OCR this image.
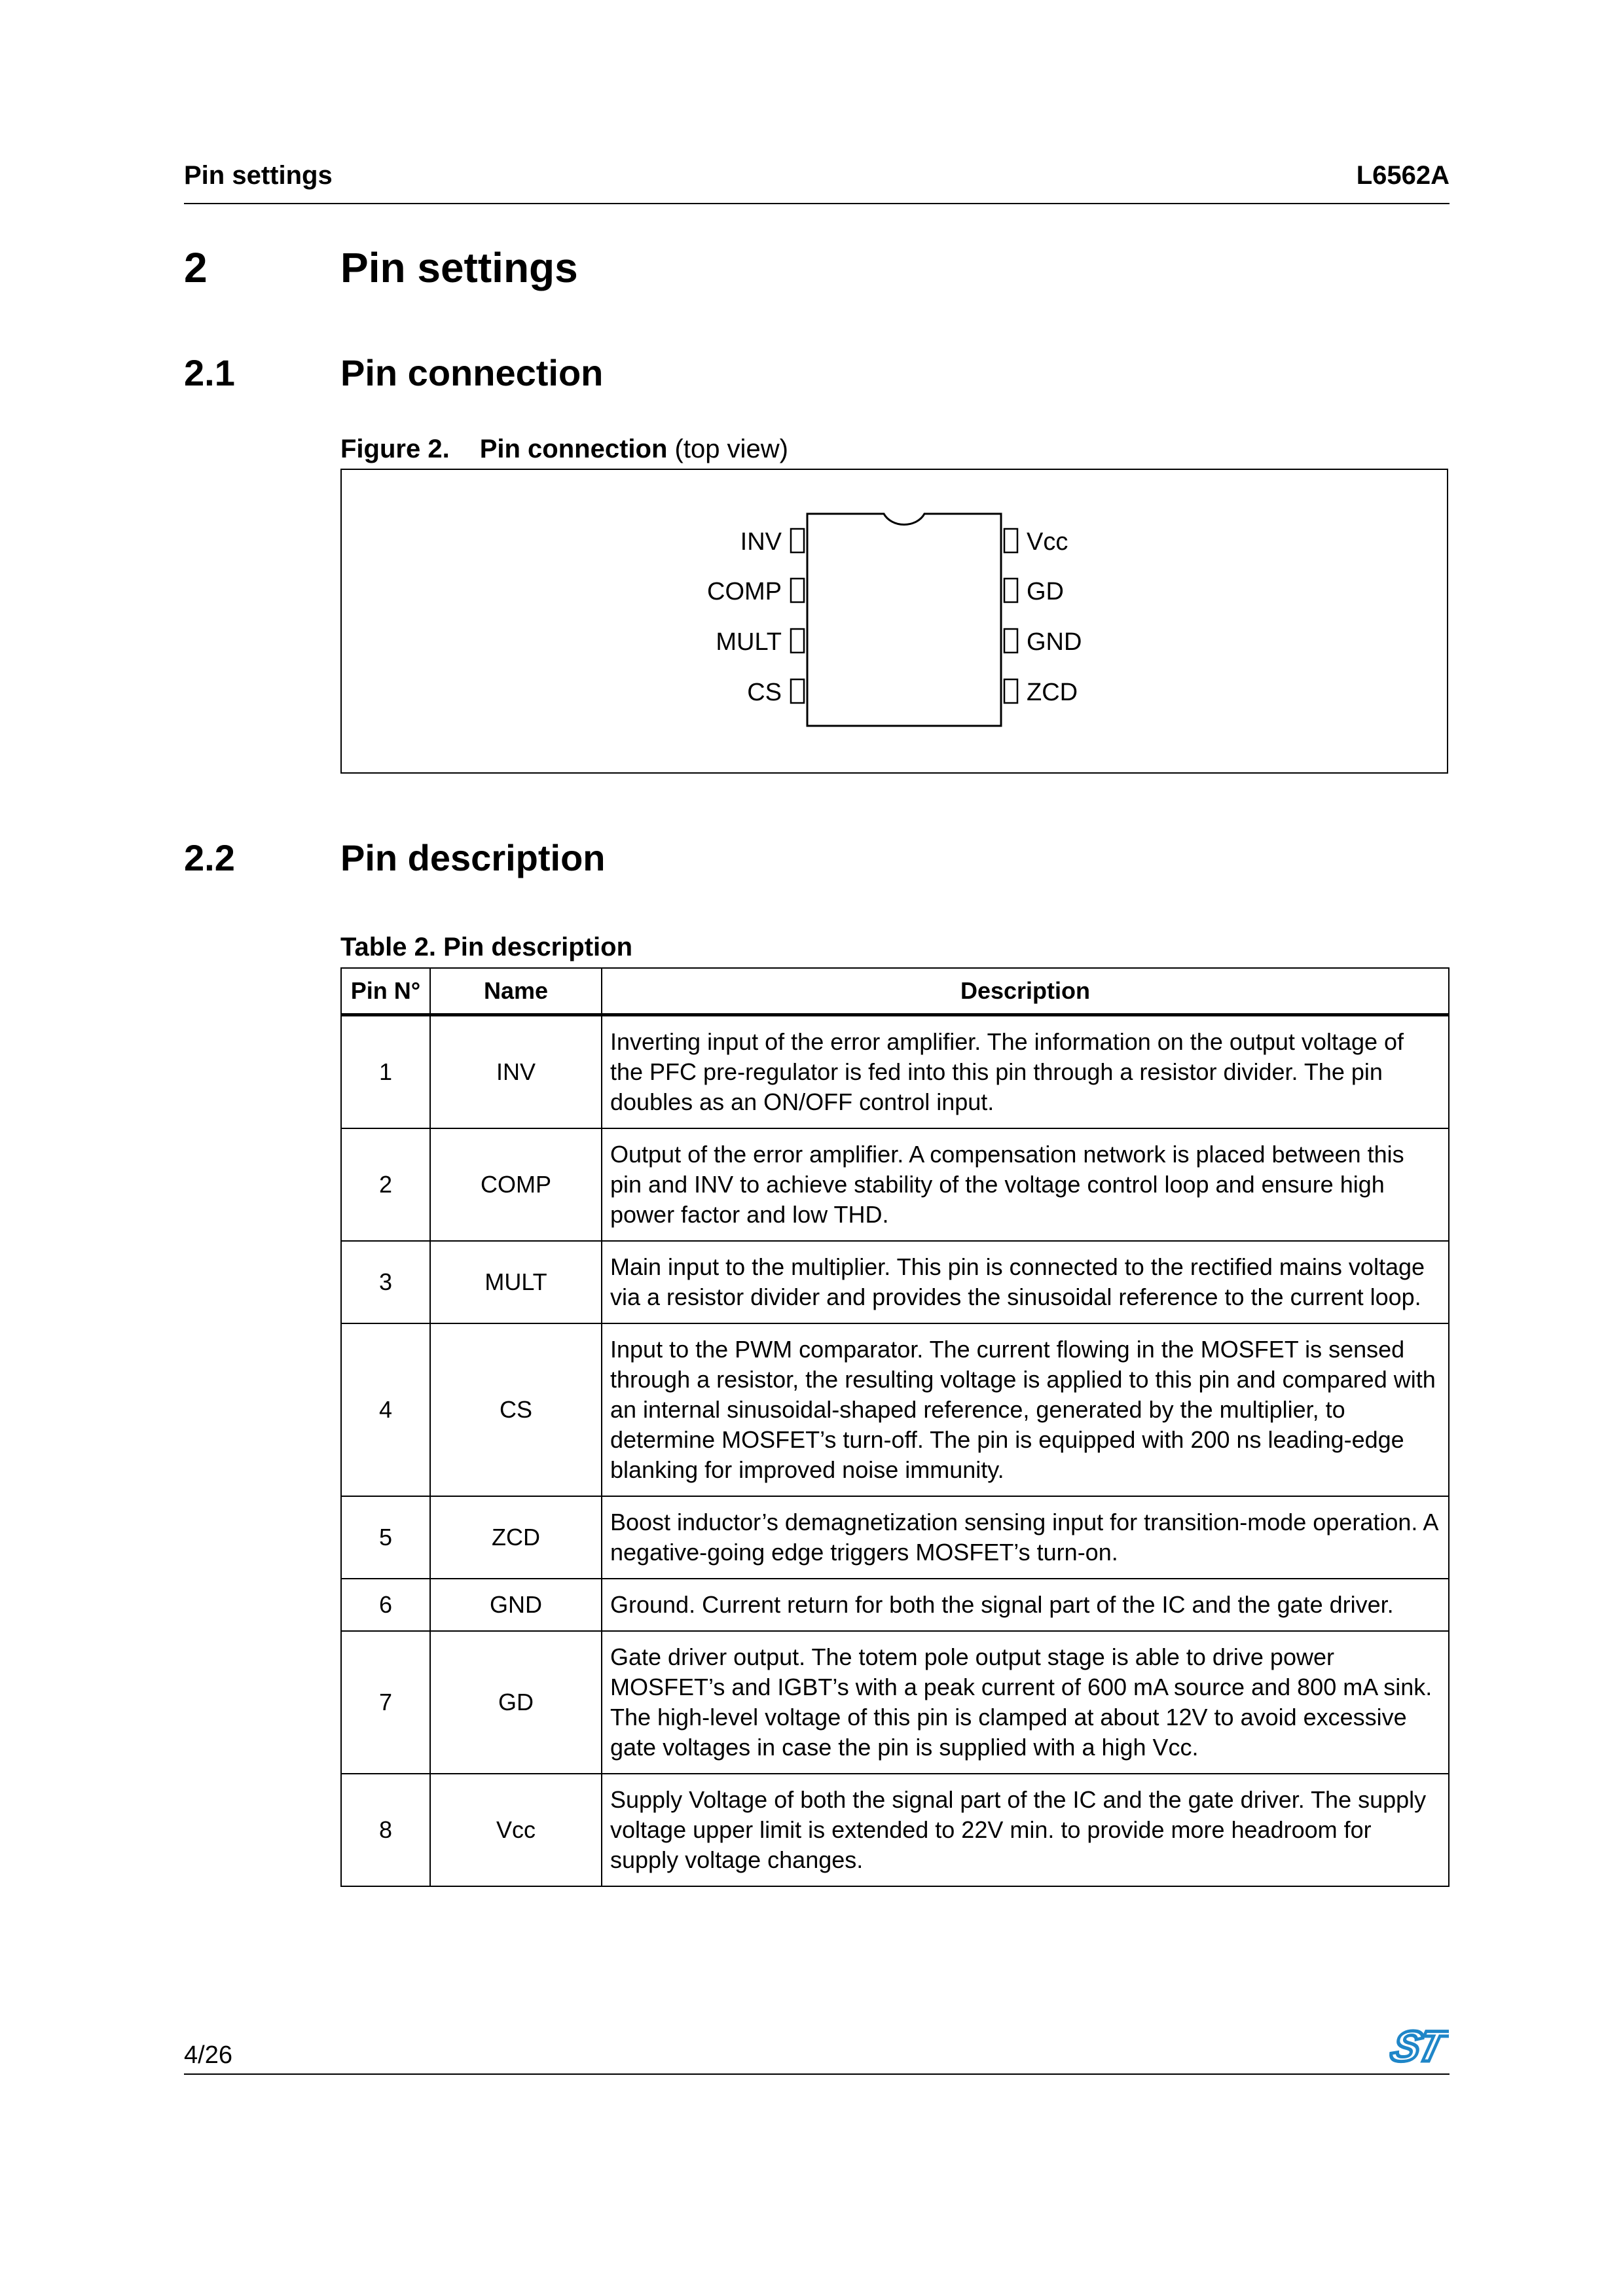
Pin settings	L6562A
2	Pin settings
2.1	Pin connection
Figure 2. Pin connection (top view)
INV
COMP
MULT
CS
Vcc
GD
GND
ZCD
2.2	Pin description
Table 2. Pin description
Pin N°	Name	Description
1	INV	Inverting input of the error amplifier. The information on the output voltage of the PFC pre-regulator is fed into this pin through a resistor divider. The pin doubles as an ON/OFF control input.
2	COMP	Output of the error amplifier. A compensation network is placed between this pin and INV to achieve stability of the voltage control loop and ensure high power factor and low THD.
3	MULT	Main input to the multiplier. This pin is connected to the rectified mains voltage via a resistor divider and provides the sinusoidal reference to the current loop.
4	CS	Input to the PWM comparator. The current flowing in the MOSFET is sensed through a resistor, the resulting voltage is applied to this pin and compared with an internal sinusoidal-shaped reference, generated by the multiplier, to determine MOSFET’s turn-off. The pin is equipped with 200 ns leading-edge blanking for improved noise immunity.
5	ZCD	Boost inductor’s demagnetization sensing input for transition-mode operation. A negative-going edge triggers MOSFET’s turn-on.
6	GND	Ground. Current return for both the signal part of the IC and the gate driver.
7	GD	Gate driver output. The totem pole output stage is able to drive power MOSFET’s and IGBT’s with a peak current of 600 mA source and 800 mA sink. The high-level voltage of this pin is clamped at about 12V to avoid excessive gate voltages in case the pin is supplied with a high Vcc.
8	Vcc	Supply Voltage of both the signal part of the IC and the gate driver. The supply voltage upper limit is extended to 22V min. to provide more headroom for supply voltage changes.
4/26	ST
